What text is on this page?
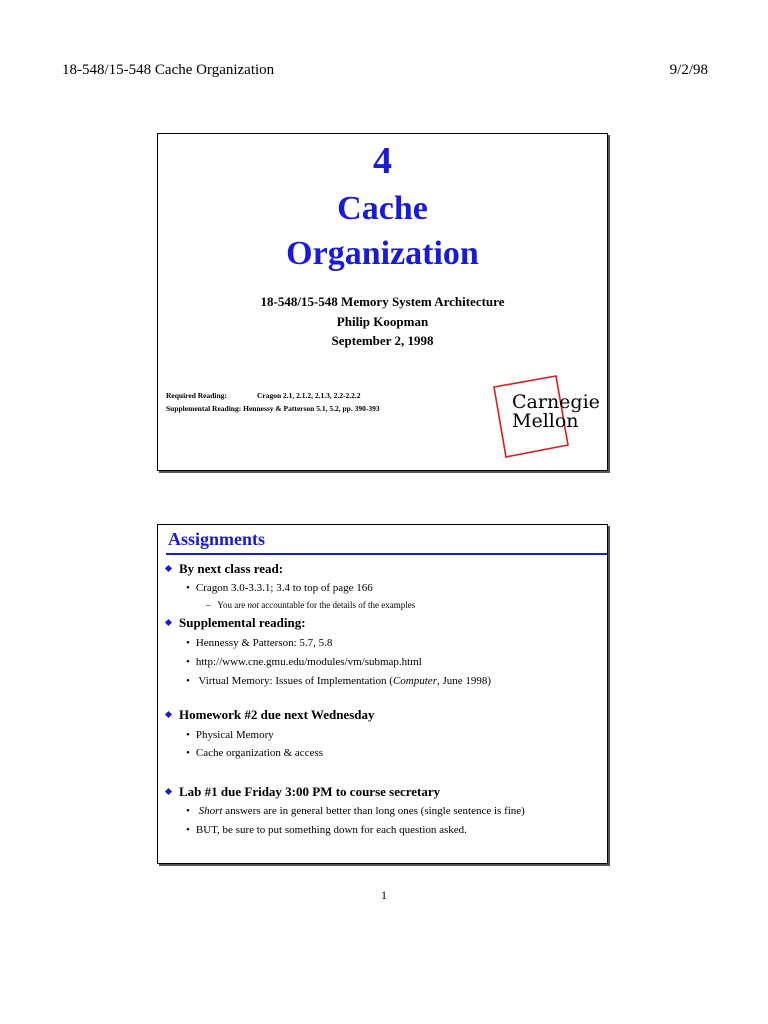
18-548/15-548 Cache Organization	9/2/98
4
Cache
Organization
18-548/15-548 Memory System Architecture
Philip Koopman
September 2, 1998
Required Reading:	Cragon 2.1, 2.1.2, 2.1.3, 2.2-2.2.2
Supplemental Reading: Hennessy & Patterson 5.1, 5.2, pp. 390-393	Carnegie
Mellon
Assignments
By next class read:
• Cragon 3.0-3.3.1; 3.4 to top of page 166
– You are not accountable for the details of the examples
Supplemental reading:
• Hennessy & Patterson: 5.7, 5.8
• http://www.cne.gmu.edu/modules/vm/submap.html
• Virtual Memory: Issues of Implementation (Computer, June 1998)
Homework #2 due next Wednesday
• Physical Memory
• Cache organization & access
Lab #1 due Friday 3:00 PM to course secretary
• Short answers are in general better than long ones (single sentence is fine)
• BUT, be sure to put something down for each question asked.
1
